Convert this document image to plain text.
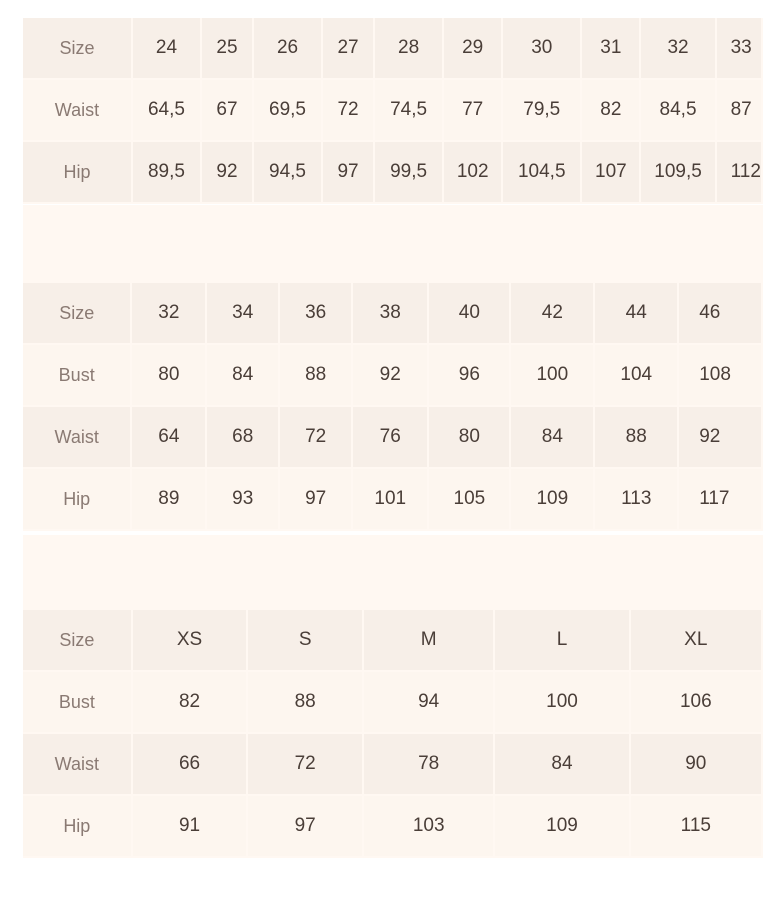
Size	24	25	26	27	28	29	30	31	32	33
Waist	64,5	67	69,5	72	74,5	77	79,5	82	84,5	87
Hip	89,5	92	94,5	97	99,5	102	104,5	107	109,5	112
Size	32	34	36	38	40	42	44	46
Bust	80	84	88	92	96	100	104	108
Waist	64	68	72	76	80	84	88	92
Hip	89	93	97	101	105	109	113	117
Size	XS	S	M	L	XL
Bust	82	88	94	100	106
Waist	66	72	78	84	90
Hip	91	97	103	109	115
